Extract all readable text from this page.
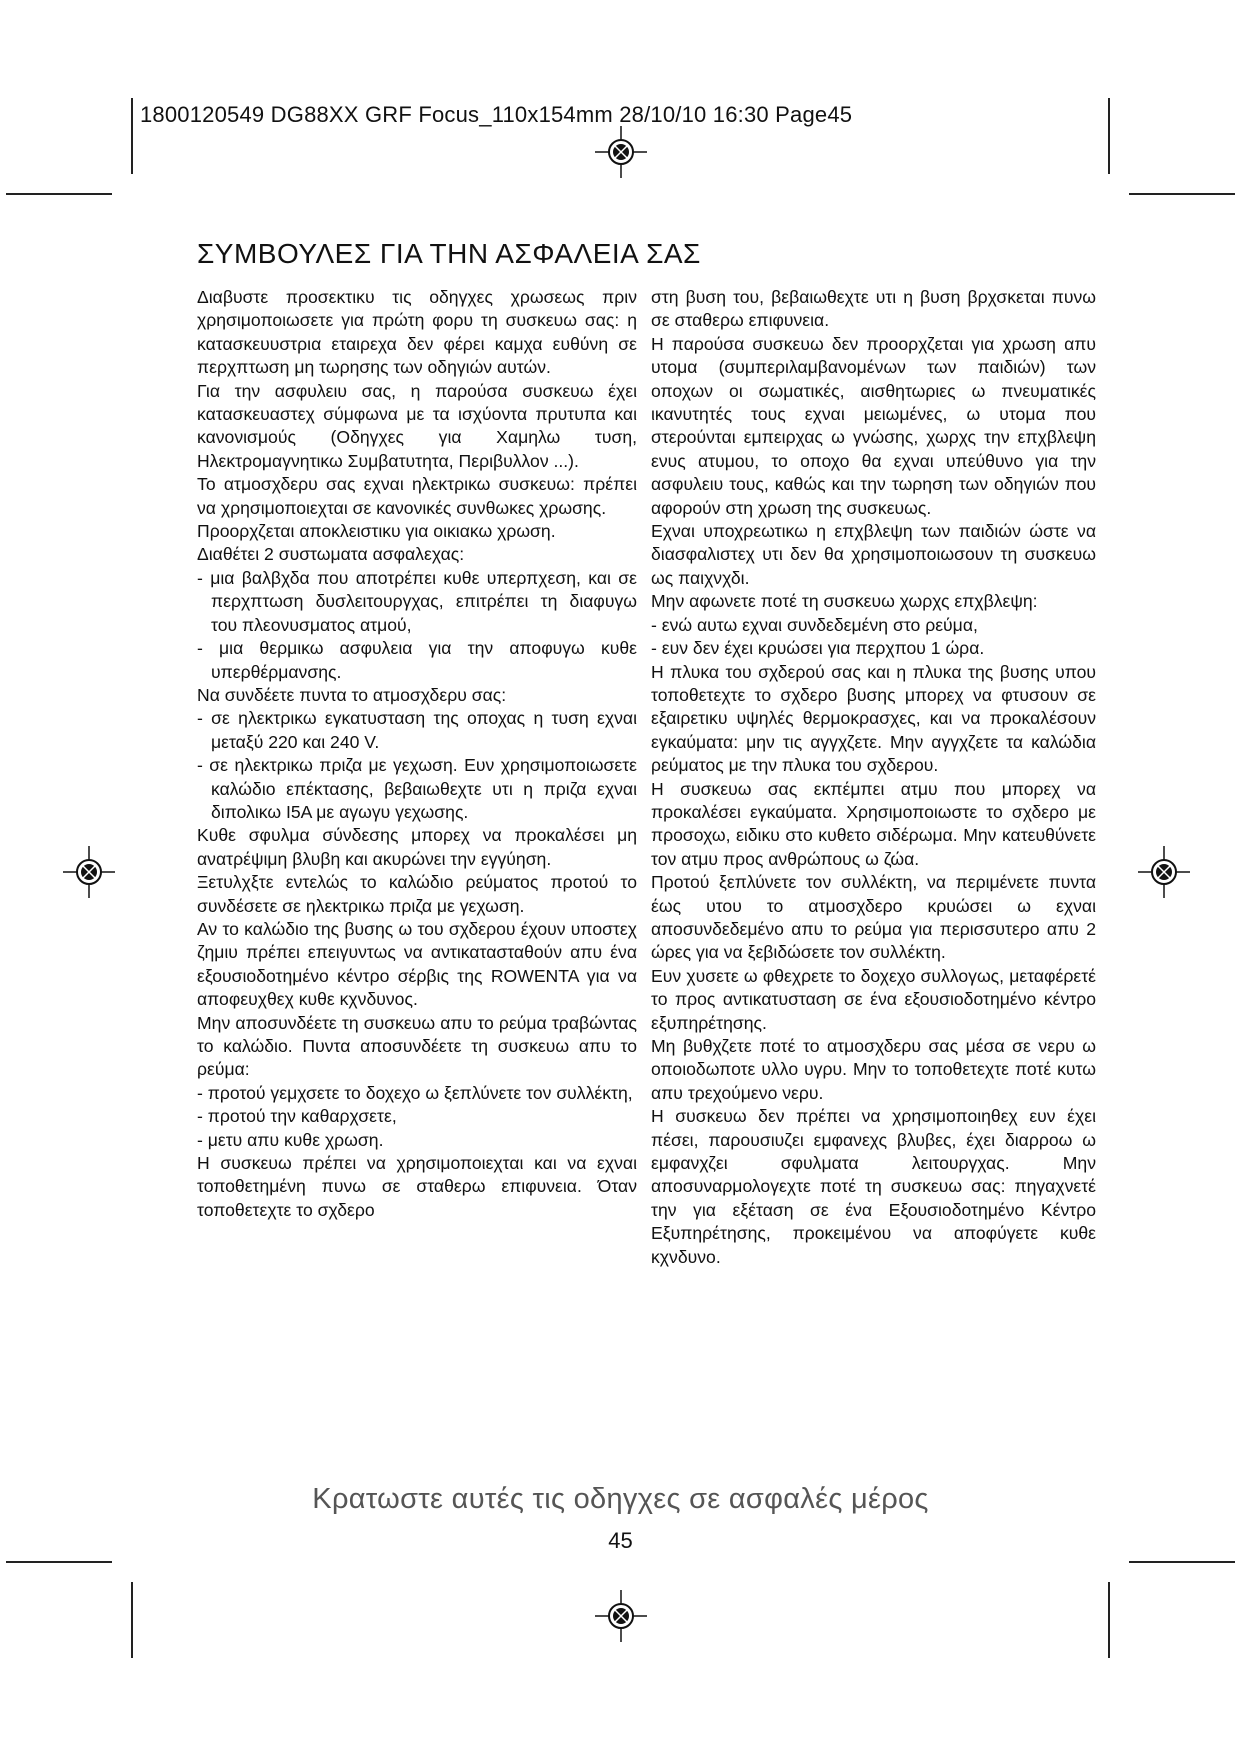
1800120549 DG88XX GRF Focus_110x154mm 28/10/10 16:30 Page45
ΣΥΜΒΟΥΛΕΣ ΓΙΑ ΤΗΝ ΑΣΦΑΛΕΙΑ ΣΑΣ

Διαβυστε προσεκτικυ τις οδηγχες χρωσεως πριν χρησιμοποιωσετε για πρώτη φορυ τη συσκευω σας: η κατασκευυστρια εταιρεχα δεν φέρει καμχα ευθύνη σε περχπτωση μη τωρησης των οδηγιών αυτών.

Για την ασφυλειυ σας, η παρούσα συσκευω έχει κατασκευαστεχ σύμφωνα με τα ισχύοντα πρυτυπα και κανονισμούς (Οδηγχες για Χαμηλω τυση, Ηλεκτρομαγνητικω Συμβατυτητα, Περιβυλλον ...).

Το ατμοσχδερυ σας εχναι ηλεκτρικω συσκευω: πρέπει να χρησιμοποιεχται σε κανονικές συνθωκες χρωσης.

Προορχζεται αποκλειστικυ για οικιακω χρωση.

Διαθέτει 2 συστωματα ασφαλεχας:

- μια βαλβχδα που αποτρέπει κυθε υπερπχεση, και σε περχπτωση δυσλειτουργχας, επιτρέπει τη διαφυγω του πλεονυσματος ατμού,
- μια θερμικω ασφυλεια για την αποφυγω κυθε υπερθέρμανσης.

Να συνδέετε πυντα το ατμοσχδερυ σας:

- σε ηλεκτρικω εγκατυσταση της οποχας η τυση εχναι μεταξύ 220 και 240 V.
- σε ηλεκτρικω πριζα με γεχωση. Ευν χρησιμοποιωσετε καλώδιο επέκτασης, βεβαιωθεχτε υτι η πριζα εχναι διπολικω Ι5Α με αγωγυ γεχωσης.

Κυθε σφυλμα σύνδεσης μπορεχ να προκαλέσει μη ανατρέψιμη βλυβη και ακυρώνει την εγγύηση.

Ξετυλχξτε εντελώς το καλώδιο ρεύματος προτού το συνδέσετε σε ηλεκτρικω πριζα με γεχωση.

Αν το καλώδιο της βυσης ω του σχδερου έχουν υποστεχ ζημιυ πρέπει επειγυντως να αντικατασταθούν απυ ένα εξουσιοδοτημένο κέντρο σέρβις της ROWENTA για να αποφευχθεχ κυθε κχνδυνος.

Μην αποσυνδέετε τη συσκευω απυ το ρεύμα τραβώντας το καλώδιο. Πυντα αποσυνδέετε τη συσκευω απυ το ρεύμα:

- προτού γεμχσετε το δοχεχο ω ξεπλύνετε τον συλλέκτη,
- προτού την καθαρχσετε,
- μετυ απυ κυθε χρωση.

Η συσκευω πρέπει να χρησιμοποιεχται και να εχναι τοποθετημένη πυνω σε σταθερω επιφυνεια. Όταν τοποθετεχτε το σχδερο

στη βυση του, βεβαιωθεχτε υτι η βυση βρχσκεται πυνω σε σταθερω επιφυνεια.

Η παρούσα συσκευω δεν προορχζεται για χρωση απυ υτομα (συμπεριλαμβανομένων των παιδιών) των οποχων οι σωματικές, αισθητωριες ω πνευματικές ικανυτητές τους εχναι μειωμένες, ω υτομα που στερούνται εμπειρχας ω γνώσης, χωρχς την επχβλεψη ενυς ατυμου, το οποχο θα εχναι υπεύθυνο για την ασφυλειυ τους, καθώς και την τωρηση των οδηγιών που αφορούν στη χρωση της συσκευως.

Εχναι υποχρεωτικω η επχβλεψη των παιδιών ώστε να διασφαλιστεχ υτι δεν θα χρησιμοποιωσουν τη συσκευω ως παιχνχδι.

Μην αφωνετε ποτέ τη συσκευω χωρχς επχβλεψη:

- ενώ αυτω εχναι συνδεδεμένη στο ρεύμα,
- ευν δεν έχει κρυώσει για περχπου 1 ώρα.

Η πλυκα του σχδερού σας και η πλυκα της βυσης υπου τοποθετεχτε το σχδερο βυσης μπορεχ να φτυσουν σε εξαιρετικυ υψηλές θερμοκρασχες, και να προκαλέσουν εγκαύματα: μην τις αγγχζετε. Μην αγγχζετε τα καλώδια ρεύματος με την πλυκα του σχδερου.

Η συσκευω σας εκπέμπει ατμυ που μπορεχ να προκαλέσει εγκαύματα. Χρησιμοποιωστε το σχδερο με προσοχω, ειδικυ στο κυθετο σιδέρωμα. Μην κατευθύνετε τον ατμυ προς ανθρώπους ω ζώα.

Προτού ξεπλύνετε τον συλλέκτη, να περιμένετε πυντα έως υτου το ατμοσχδερο κρυώσει ω εχναι αποσυνδεδεμένο απυ το ρεύμα για περισσυτερο απυ 2 ώρες για να ξεβιδώσετε τον συλλέκτη.

Ευν χυσετε ω φθεχρετε το δοχεχο συλλογως, μεταφέρετέ το προς αντικατυσταση σε ένα εξουσιοδοτημένο κέντρο εξυπηρέτησης.

Μη βυθχζετε ποτέ το ατμοσχδερυ σας μέσα σε νερυ ω οποιοδωποτε υλλο υγρυ. Μην το τοποθετεχτε ποτέ κυτω απυ τρεχούμενο νερυ.

Η συσκευω δεν πρέπει να χρησιμοποιηθεχ ευν έχει πέσει, παρουσιυζει εμφανεχς βλυβες, έχει διαρροω ω εμφανχζει σφυλματα λειτουργχας. Μην αποσυναρμολογεχτε ποτέ τη συσκευω σας: πηγαχνετέ την για εξέταση σε ένα Εξουσιοδοτημένο Κέντρο Εξυπηρέτησης, προκειμένου να αποφύγετε κυθε κχνδυνο.

Κρατωστε αυτές τις οδηγχες σε ασφαλές μέρος
45
